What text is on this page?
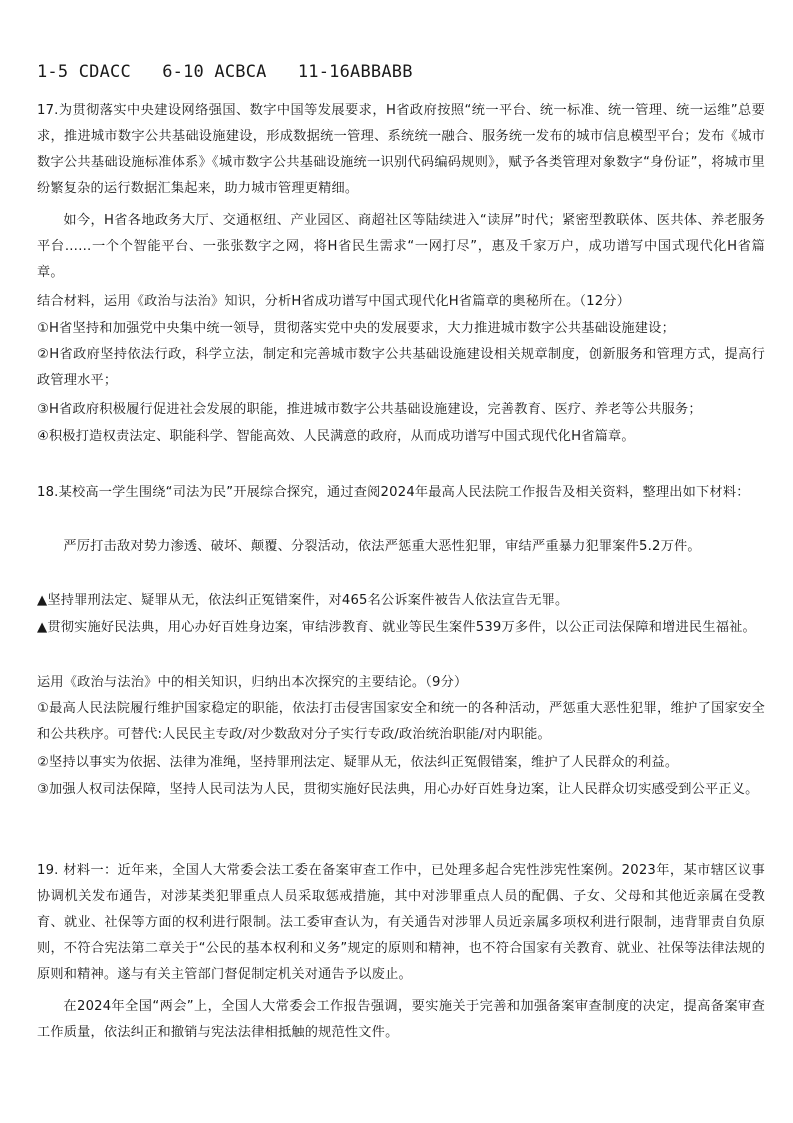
1-5 CDACC   6-10 ACBCA   11-16ABBABB
17.为贯彻落实中央建设网络强国、数字中国等发展要求，H省政府按照“统一平台、统一标准、统一管理、统一运维”总要求，推进城市数字公共基础设施建设，形成数据统一管理、系统统一融合、服务统一发布的城市信息模型平台；发布《城市数字公共基础设施标准体系》《城市数字公共基础设施统一识别代码编码规则》，赋予各类管理对象数字“身份证”，将城市里纷繁复杂的运行数据汇集起来，助力城市管理更精细。
如今，H省各地政务大厅、交通枢纽、产业园区、商超社区等陆续进入“读屏”时代；紧密型教联体、医共体、养老服务平台……一个个智能平台、一张张数字之网，将H省民生需求“一网打尽”，惠及千家万户，成功谱写中国式现代化H省篇章。
结合材料，运用《政治与法治》知识，分析H省成功谱写中国式现代化H省篇章的奥秘所在。（12分）
①H省坚持和加强党中央集中统一领导，贯彻落实党中央的发展要求，大力推进城市数字公共基础设施建设；
②H省政府坚持依法行政，科学立法，制定和完善城市数字公共基础设施建设相关规章制度，创新服务和管理方式，提高行政管理水平；
③H省政府积极履行促进社会发展的职能，推进城市数字公共基础设施建设，完善教育、医疗、养老等公共服务；
④积极打造权责法定、职能科学、智能高效、人民满意的政府，从而成功谱写中国式现代化H省篇章。
18.某校高一学生围绕“司法为民”开展综合探究，通过查阅2024年最高人民法院工作报告及相关资料，整理出如下材料：
严厉打击敌对势力渗透、破坏、颠覆、分裂活动，依法严惩重大恶性犯罪，审结严重暴力犯罪案件5.2万件。
▲坚持罪刑法定、疑罪从无，依法纠正冤错案件，对465名公诉案件被告人依法宣告无罪。
▲贯彻实施好民法典，用心办好百姓身边案，审结涉教育、就业等民生案件539万多件，以公正司法保障和增进民生福祉。
运用《政治与法治》中的相关知识，归纳出本次探究的主要结论。（9分）
①最高人民法院履行维护国家稳定的职能，依法打击侵害国家安全和统一的各种活动，严惩重大恶性犯罪，维护了国家安全和公共秩序。可替代:人民民主专政/对少数敌对分子实行专政/政治统治职能/对内职能。
②坚持以事实为依据、法律为准绳，坚持罪刑法定、疑罪从无，依法纠正冤假错案，维护了人民群众的利益。
③加强人权司法保障，坚持人民司法为人民，贯彻实施好民法典，用心办好百姓身边案，让人民群众切实感受到公平正义。
19. 材料一：近年来，全国人大常委会法工委在备案审查工作中，已处理多起合宪性涉宪性案例。2023年，某市辖区议事协调机关发布通告，对涉某类犯罪重点人员采取惩戒措施，其中对涉罪重点人员的配偶、子女、父母和其他近亲属在受教育、就业、社保等方面的权利进行限制。法工委审查认为，有关通告对涉罪人员近亲属多项权利进行限制，违背罪责自负原则，不符合宪法第二章关于“公民的基本权利和义务”规定的原则和精神，也不符合国家有关教育、就业、社保等法律法规的原则和精神。遂与有关主管部门督促制定机关对通告予以废止。
在2024年全国“两会”上，全国人大常委会工作报告强调，要实施关于完善和加强备案审查制度的决定，提高备案审查工作质量，依法纠正和撤销与宪法法律相抵触的规范性文件。
